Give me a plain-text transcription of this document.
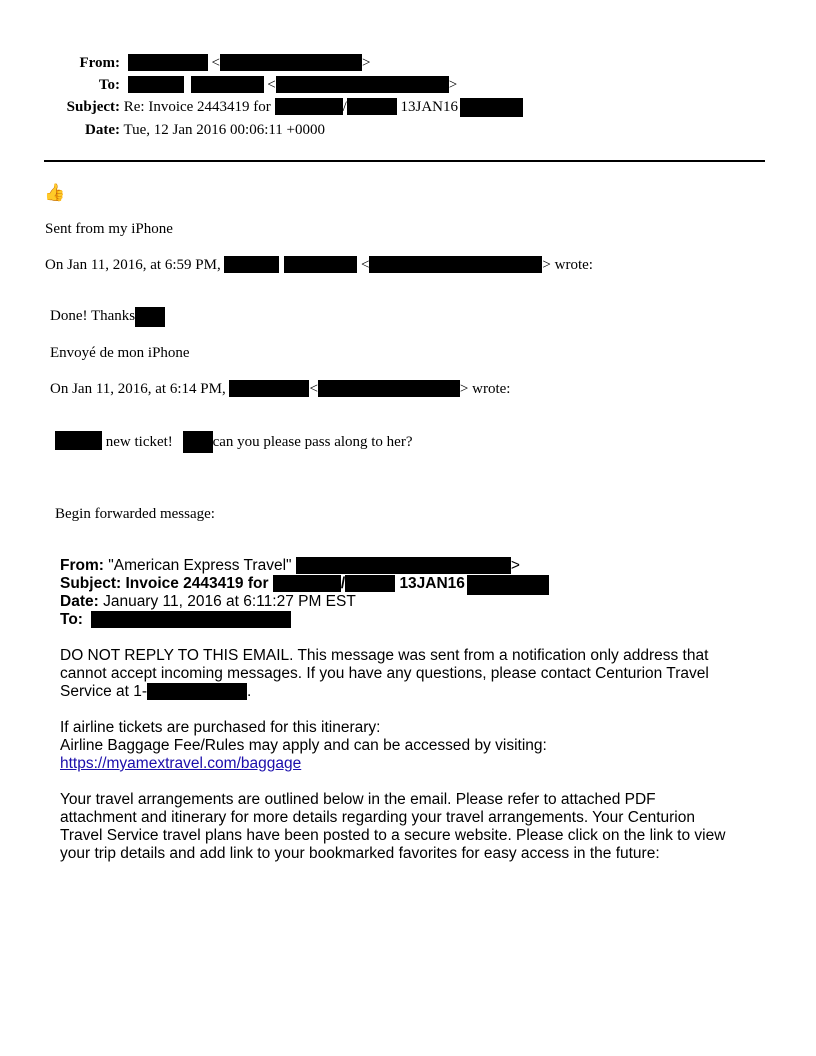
From:	<	>
To:	<	>
Subject: Re: Invoice 2443419 for	/	13JAN16
Date: Tue, 12 Jan 2016 00:06:11 +0000
👍
Sent from my iPhone
On Jan 11, 2016, at 6:59 PM,	<	> wrote:
Done! Thanks
Envoyé de mon iPhone
On Jan 11, 2016, at 6:14 PM,	<	> wrote:
new ticket!	can you please pass along to her?
Begin forwarded message:
From: "American Express Travel"	>
Subject: Invoice 2443419 for	/	13JAN16
Date: January 11, 2016 at 6:11:27 PM EST
To:
DO NOT REPLY TO THIS EMAIL. This message was sent from a notification only address that
cannot accept incoming messages. If you have any questions, please contact Centurion Travel
Service at 1-	.
If airline tickets are purchased for this itinerary:
Airline Baggage Fee/Rules may apply and can be accessed by visiting:
https://myamextravel.com/baggage
Your travel arrangements are outlined below in the email. Please refer to attached PDF
attachment and itinerary for more details regarding your travel arrangements. Your Centurion
Travel Service travel plans have been posted to a secure website. Please click on the link to view
your trip details and add link to your bookmarked favorites for easy access in the future:
